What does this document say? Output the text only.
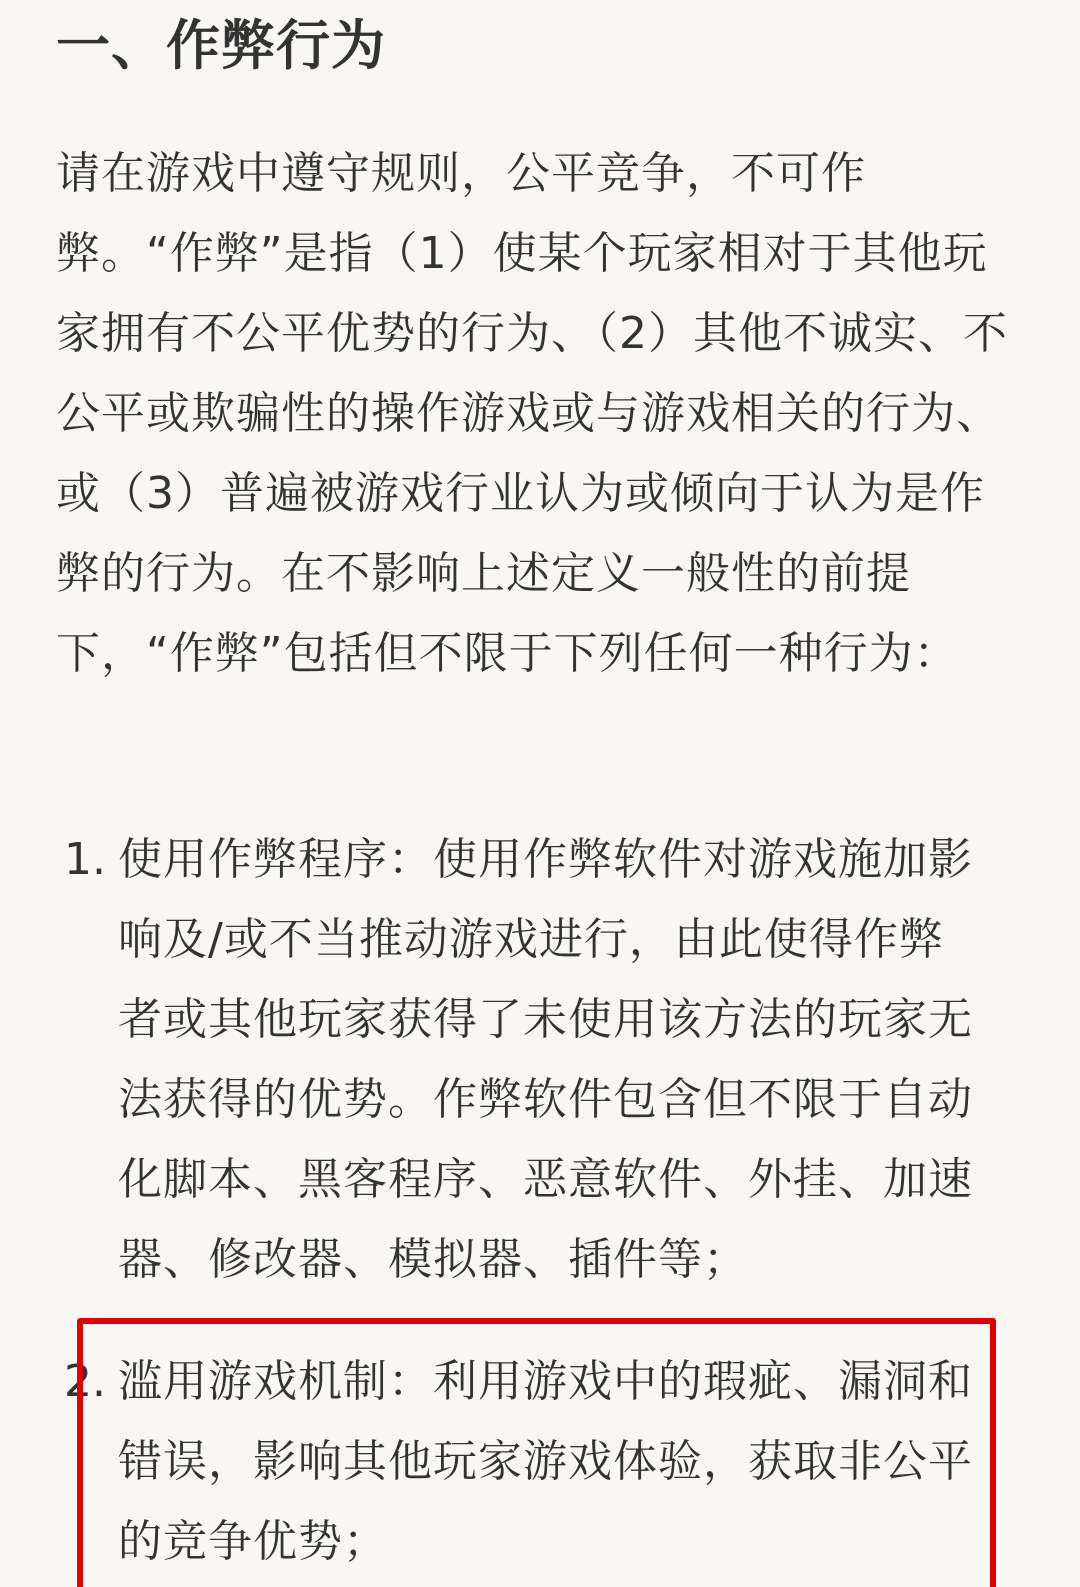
一、作弊行为

请在游戏中遵守规则，公平竞争，不可作弊。“作弊”是指（1）使某个玩家相对于其他玩家拥有不公平优势的行为、（2）其他不诚实、不公平或欺骗性的操作游戏或与游戏相关的行为、或（3）普遍被游戏行业认为或倾向于认为是作弊的行为。在不影响上述定义一般性的前提下，“作弊”包括但不限于下列任何一种行为：

1. 使用作弊程序：使用作弊软件对游戏施加影响及/或不当推动游戏进行，由此使得作弊者或其他玩家获得了未使用该方法的玩家无法获得的优势。作弊软件包含但不限于自动化脚本、黑客程序、恶意软件、外挂、加速器、修改器、模拟器、插件等；

2. 滥用游戏机制：利用游戏中的瑕疵、漏洞和错误，影响其他玩家游戏体验，获取非公平的竞争优势；
